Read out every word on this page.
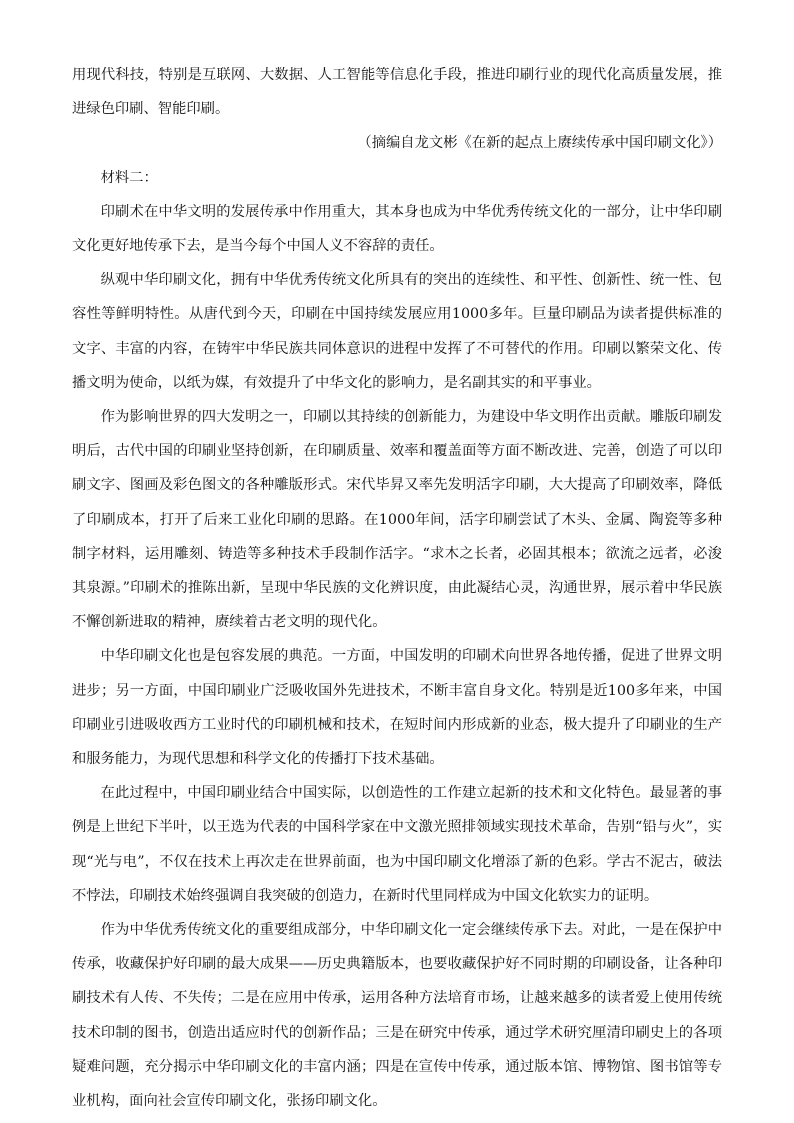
用现代科技，特别是互联网、大数据、人工智能等信息化手段，推进印刷行业的现代化高质量发展，推进绿色印刷、智能印刷。

（摘编自龙文彬《在新的起点上赓续传承中国印刷文化》）

材料二：

印刷术在中华文明的发展传承中作用重大，其本身也成为中华优秀传统文化的一部分，让中华印刷文化更好地传承下去，是当今每个中国人义不容辞的责任。

纵观中华印刷文化，拥有中华优秀传统文化所具有的突出的连续性、和平性、创新性、统一性、包容性等鲜明特性。从唐代到今天，印刷在中国持续发展应用1000多年。巨量印刷品为读者提供标准的文字、丰富的内容，在铸牢中华民族共同体意识的进程中发挥了不可替代的作用。印刷以繁荣文化、传播文明为使命，以纸为媒，有效提升了中华文化的影响力，是名副其实的和平事业。

作为影响世界的四大发明之一，印刷以其持续的创新能力，为建设中华文明作出贡献。雕版印刷发明后，古代中国的印刷业坚持创新，在印刷质量、效率和覆盖面等方面不断改进、完善，创造了可以印刷文字、图画及彩色图文的各种雕版形式。宋代毕昇又率先发明活字印刷，大大提高了印刷效率，降低了印刷成本，打开了后来工业化印刷的思路。在1000年间，活字印刷尝试了木头、金属、陶瓷等多种制字材料，运用雕刻、铸造等多种技术手段制作活字。“求木之长者，必固其根本；欲流之远者，必浚其泉源。”印刷术的推陈出新，呈现中华民族的文化辨识度，由此凝结心灵，沟通世界，展示着中华民族不懈创新进取的精神，赓续着古老文明的现代化。

中华印刷文化也是包容发展的典范。一方面，中国发明的印刷术向世界各地传播，促进了世界文明进步；另一方面，中国印刷业广泛吸收国外先进技术，不断丰富自身文化。特别是近100多年来，中国印刷业引进吸收西方工业时代的印刷机械和技术，在短时间内形成新的业态，极大提升了印刷业的生产和服务能力，为现代思想和科学文化的传播打下技术基础。

在此过程中，中国印刷业结合中国实际，以创造性的工作建立起新的技术和文化特色。最显著的事例是上世纪下半叶，以王选为代表的中国科学家在中文激光照排领域实现技术革命，告别“铅与火”，实现“光与电”，不仅在技术上再次走在世界前面，也为中国印刷文化增添了新的色彩。学古不泥古，破法不悖法，印刷技术始终强调自我突破的创造力，在新时代里同样成为中国文化软实力的证明。

作为中华优秀传统文化的重要组成部分，中华印刷文化一定会继续传承下去。对此，一是在保护中传承，收藏保护好印刷的最大成果——历史典籍版本，也要收藏保护好不同时期的印刷设备，让各种印刷技术有人传、不失传；二是在应用中传承，运用各种方法培育市场，让越来越多的读者爱上使用传统技术印制的图书，创造出适应时代的创新作品；三是在研究中传承，通过学术研究厘清印刷史上的各项疑难问题，充分揭示中华印刷文化的丰富内涵；四是在宣传中传承，通过版本馆、博物馆、图书馆等专业机构，面向社会宣传印刷文化，张扬印刷文化。
